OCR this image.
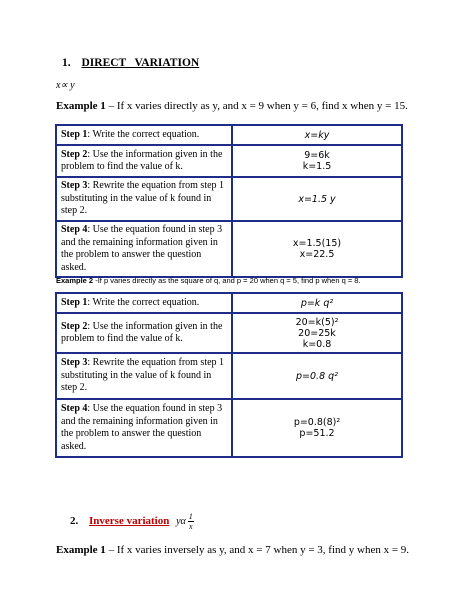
1. DIRECT   VARIATION
x∝ y
Example 1 – If x varies directly as y, and x = 9 when y = 6, find x when y = 15.
Step 1: Write the correct equation.	x=ky

Step 2: Use the information given in the problem to find the value of k.	9=6k
k=1.5

Step 3: Rewrite the equation from step 1 substituting in the value of k found in step 2.	x=1.5 y

Step 4: Use the equation found in step 3 and the remaining information given in the problem to answer the question asked.	x=1.5(15)
x=22.5
Example 2 -If p varies directly as the square of q, and p = 20 when q = 5, find p when q = 8.
Step 1: Write the correct equation.	p=k q²

Step 2: Use the information given in the problem to find the value of k.	20=k(5)²
20=25k
k=0.8

Step 3: Rewrite the equation from step 1 substituting in the value of k found in step 2.	p=0.8 q²

Step 4: Use the equation found in step 3 and the remaining information given in the problem to answer the question asked.	p=0.8(8)²
p=51.2
2. Inverse variation yα $\frac{1}{x}$
Example 1 – If x varies inversely as y, and x = 7 when y = 3, find y when x = 9.
